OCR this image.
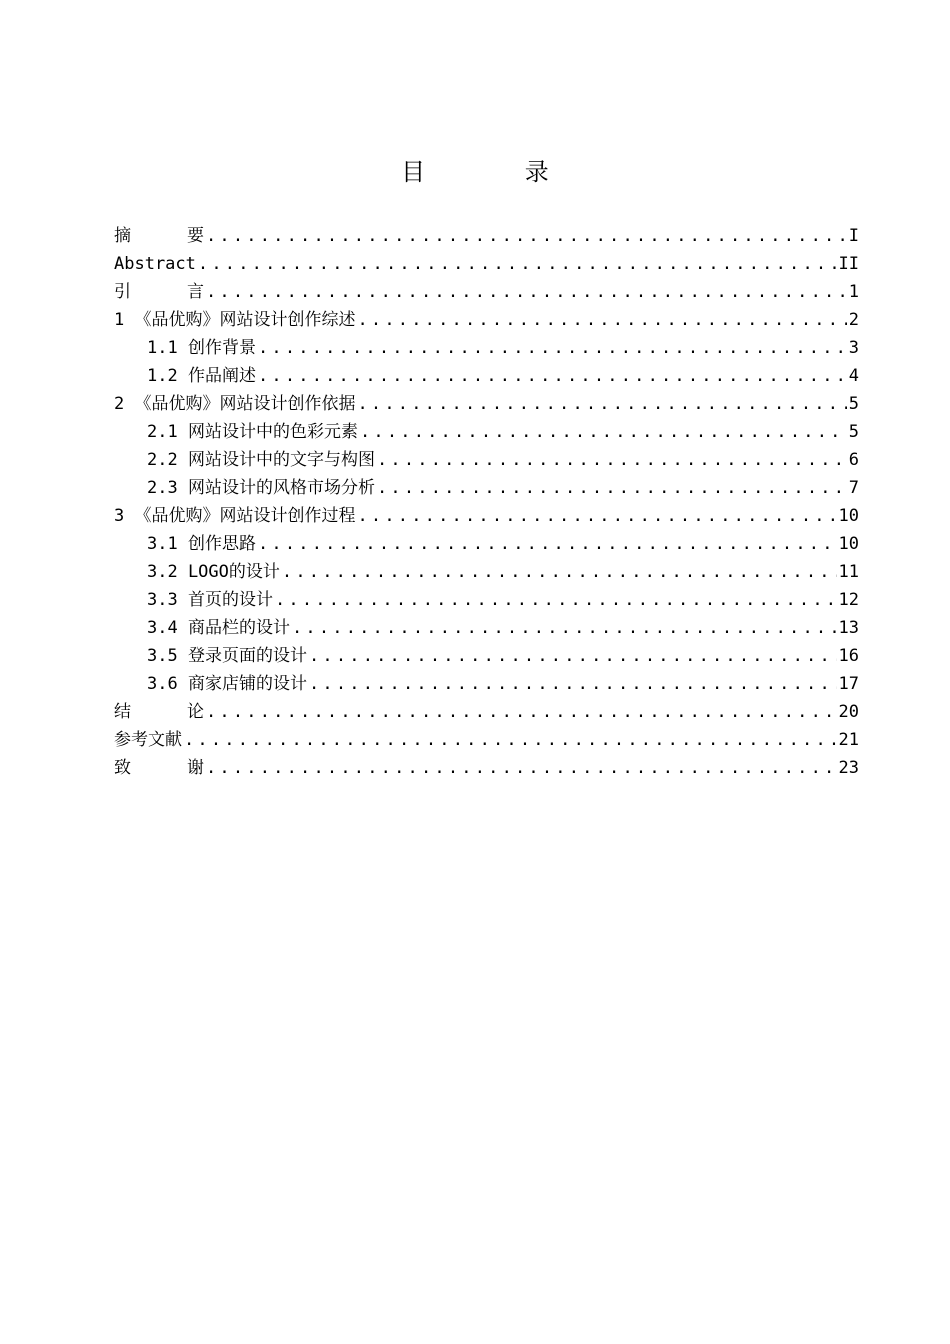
目 录
摘 要 .....	I
Abstract .....	II
引 言 .....	1
1 《品优购》网站设计创作综述 .....	2
1.1 创作背景 .....	3
1.2 作品阐述 .....	4
2 《品优购》网站设计创作依据 .....	5
2.1 网站设计中的色彩元素 .....	5
2.2 网站设计中的文字与构图 .....	6
2.3 网站设计的风格市场分析 .....	7
3 《品优购》网站设计创作过程 .....	10
3.1 创作思路 .....	10
3.2 LOGO的设计 .....	11
3.3 首页的设计 .....	12
3.4 商品栏的设计 .....	13
3.5 登录页面的设计 .....	16
3.6 商家店铺的设计 .....	17
结 论 .....	20
参考文献 .....	21
致 谢 .....	23
